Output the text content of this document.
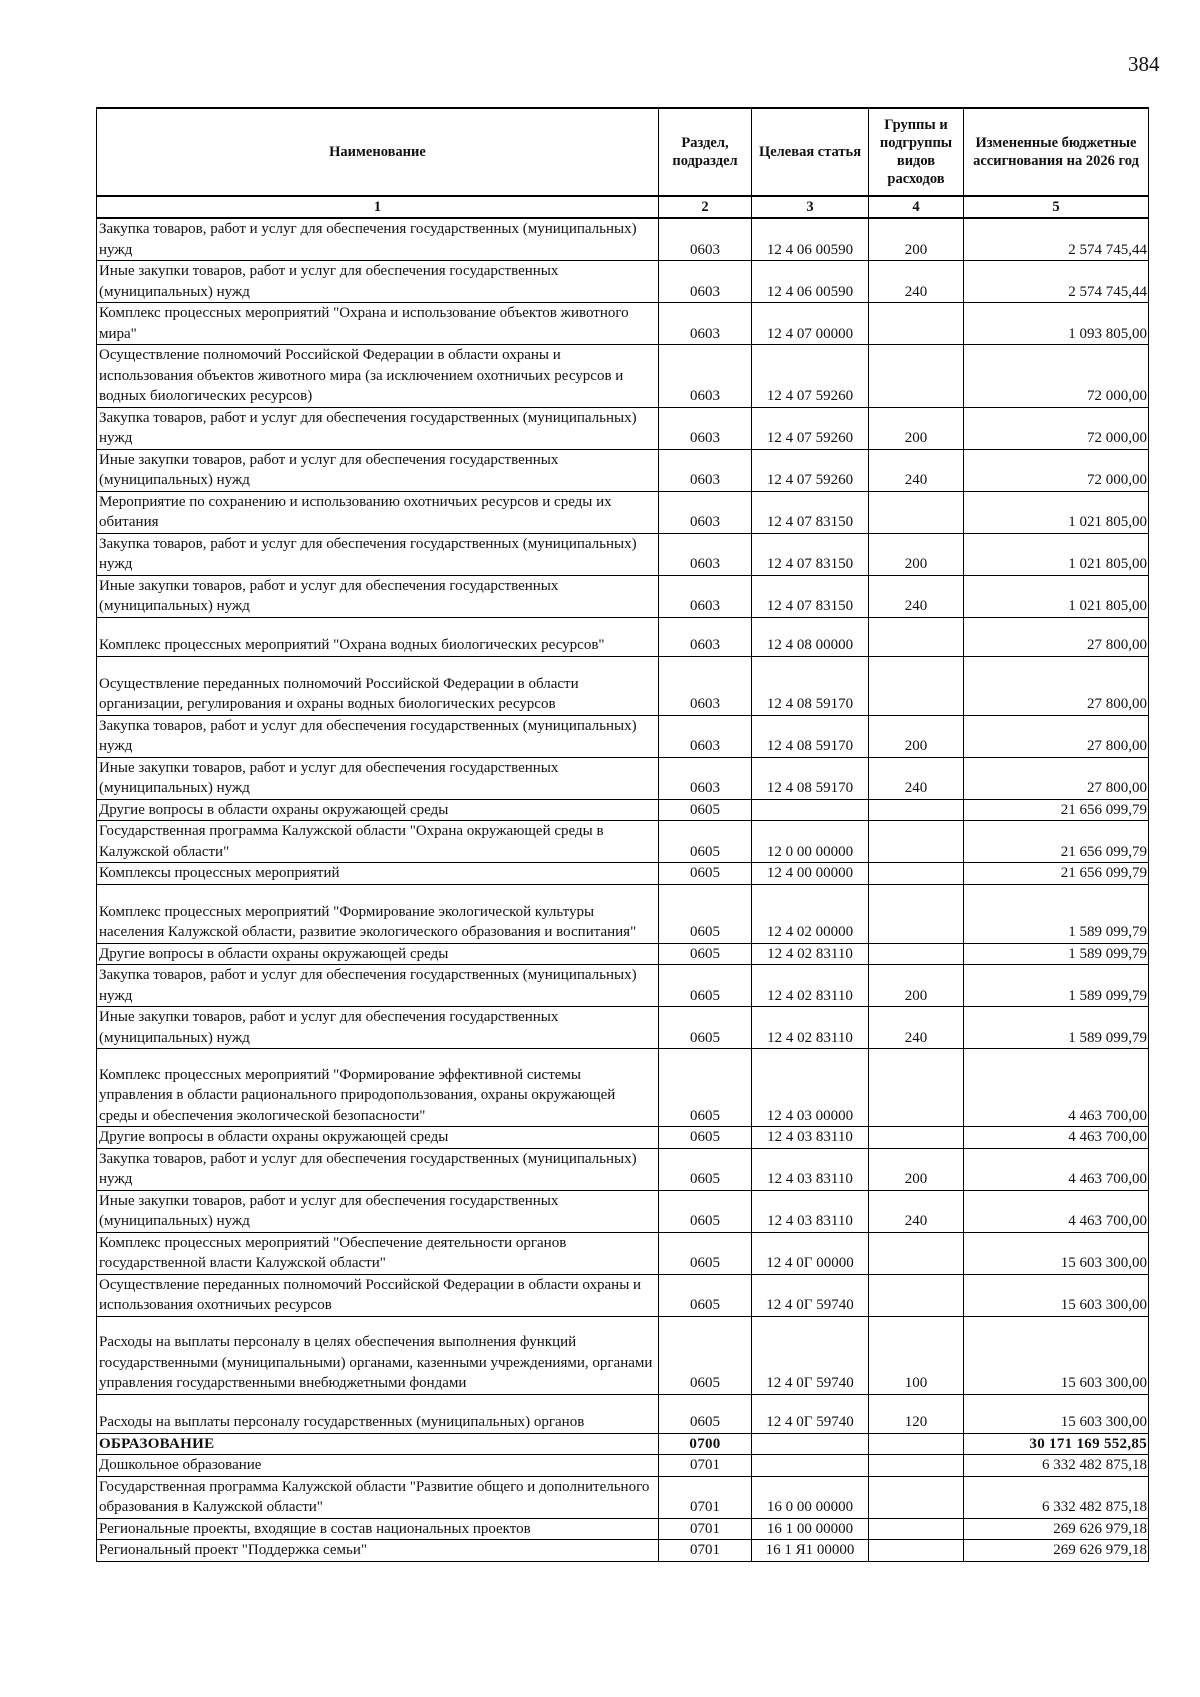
384
Наименование	Раздел, подраздел	Целевая статья	Группы и подгруппы видов расходов	Измененные бюджетные ассигнования на 2026 год
1	2	3	4	5
Закупка товаров, работ и услуг для обеспечения государственных (муниципальных) нужд	0603	12 4 06 00590	200	2 574 745,44
Иные закупки товаров, работ и услуг для обеспечения государственных (муниципальных) нужд	0603	12 4 06 00590	240	2 574 745,44
Комплекс процессных мероприятий "Охрана и использование объектов животного мира"	0603	12 4 07 00000		1 093 805,00
Осуществление полномочий Российской Федерации в области охраны и использования объектов животного мира (за исключением охотничьих ресурсов и водных биологических ресурсов)	0603	12 4 07 59260		72 000,00
Закупка товаров, работ и услуг для обеспечения государственных (муниципальных) нужд	0603	12 4 07 59260	200	72 000,00
Иные закупки товаров, работ и услуг для обеспечения государственных (муниципальных) нужд	0603	12 4 07 59260	240	72 000,00
Мероприятие по сохранению и использованию охотничьих ресурсов и среды их обитания	0603	12 4 07 83150		1 021 805,00
Закупка товаров, работ и услуг для обеспечения государственных (муниципальных) нужд	0603	12 4 07 83150	200	1 021 805,00
Иные закупки товаров, работ и услуг для обеспечения государственных (муниципальных) нужд	0603	12 4 07 83150	240	1 021 805,00
Комплекс процессных мероприятий "Охрана водных биологических ресурсов"	0603	12 4 08 00000		27 800,00
Осуществление переданных полномочий Российской Федерации в области организации, регулирования и охраны водных биологических ресурсов	0603	12 4 08 59170		27 800,00
Закупка товаров, работ и услуг для обеспечения государственных (муниципальных) нужд	0603	12 4 08 59170	200	27 800,00
Иные закупки товаров, работ и услуг для обеспечения государственных (муниципальных) нужд	0603	12 4 08 59170	240	27 800,00
Другие вопросы в области охраны окружающей среды	0605			21 656 099,79
Государственная программа Калужской области "Охрана окружающей среды в Калужской области"	0605	12 0 00 00000		21 656 099,79
Комплексы процессных мероприятий	0605	12 4 00 00000		21 656 099,79
Комплекс процессных мероприятий "Формирование экологической культуры населения Калужской области, развитие экологического образования и воспитания"	0605	12 4 02 00000		1 589 099,79
Другие вопросы в области охраны окружающей среды	0605	12 4 02 83110		1 589 099,79
Закупка товаров, работ и услуг для обеспечения государственных (муниципальных) нужд	0605	12 4 02 83110	200	1 589 099,79
Иные закупки товаров, работ и услуг для обеспечения государственных (муниципальных) нужд	0605	12 4 02 83110	240	1 589 099,79
Комплекс процессных мероприятий "Формирование эффективной системы управления в области рационального природопользования, охраны окружающей среды и обеспечения экологической безопасности"	0605	12 4 03 00000		4 463 700,00
Другие вопросы в области охраны окружающей среды	0605	12 4 03 83110		4 463 700,00
Закупка товаров, работ и услуг для обеспечения государственных (муниципальных) нужд	0605	12 4 03 83110	200	4 463 700,00
Иные закупки товаров, работ и услуг для обеспечения государственных (муниципальных) нужд	0605	12 4 03 83110	240	4 463 700,00
Комплекс процессных мероприятий "Обеспечение деятельности органов государственной власти Калужской области"	0605	12 4 0Г 00000		15 603 300,00
Осуществление переданных полномочий Российской Федерации в области охраны и использования охотничьих ресурсов	0605	12 4 0Г 59740		15 603 300,00
Расходы на выплаты персоналу в целях обеспечения выполнения функций государственными (муниципальными) органами, казенными учреждениями, органами управления государственными внебюджетными фондами	0605	12 4 0Г 59740	100	15 603 300,00
Расходы на выплаты персоналу государственных (муниципальных) органов	0605	12 4 0Г 59740	120	15 603 300,00
ОБРАЗОВАНИЕ	0700			30 171 169 552,85
Дошкольное образование	0701			6 332 482 875,18
Государственная программа Калужской области "Развитие общего и дополнительного образования в Калужской области"	0701	16 0 00 00000		6 332 482 875,18
Региональные проекты, входящие в состав национальных проектов	0701	16 1 00 00000		269 626 979,18
Региональный проект "Поддержка семьи"	0701	16 1 Я1 00000		269 626 979,18
